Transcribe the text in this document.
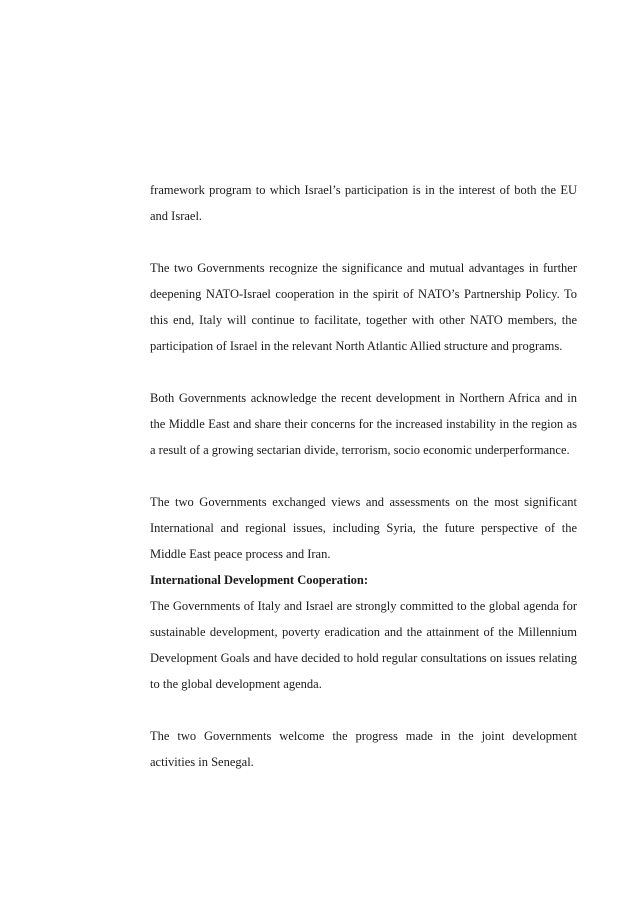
framework program to which Israel’s participation is in the interest of both the EU and Israel.

The two Governments recognize the significance and mutual advantages in further deepening NATO-Israel cooperation in the spirit of NATO’s Partnership Policy. To this end, Italy will continue to facilitate, together with other NATO members, the participation of Israel in the relevant North Atlantic Allied structure and programs.

Both Governments acknowledge the recent development in Northern Africa and in the Middle East and share their concerns for the increased instability in the region as a result of a growing sectarian divide, terrorism, socio economic underperformance.

The two Governments exchanged views and assessments on the most significant International and regional issues, including Syria, the future perspective of the Middle East peace process and Iran.

International Development Cooperation:

The Governments of Italy and Israel are strongly committed to the global agenda for sustainable development, poverty eradication and the attainment of the Millennium Development Goals and have decided to hold regular consultations on issues relating to the global development agenda.

The two Governments welcome the progress made in the joint development activities in Senegal.
